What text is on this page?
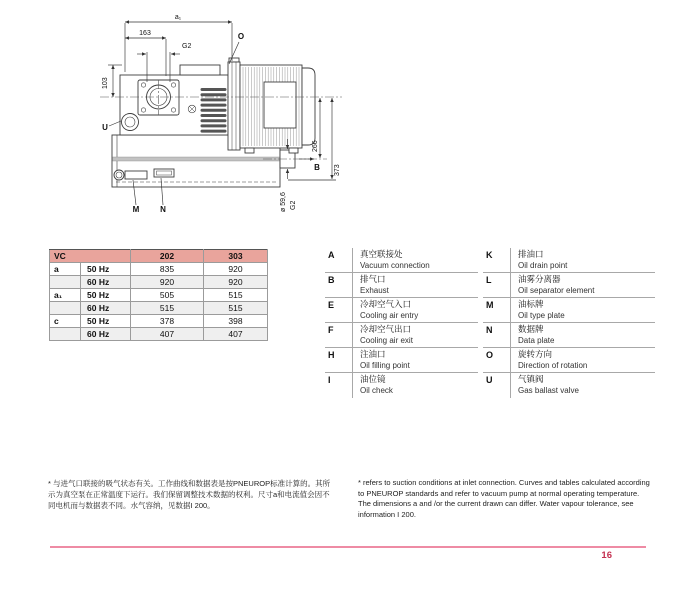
a₁
163
G2
103
266
373
ø 59,6 G2
O
U
B
M	N
VC		202	303
a	50 Hz	835	920
	60 Hz	920	920
a₁	50 Hz	505	515
	60 Hz	515	515
c	50 Hz	378	398
	60 Hz	407	407
A	真空联接处
Vacuum connection
B	排气口
Exhaust
E	冷却空气入口
Cooling air entry
F	冷却空气出口
Cooling air exit
H	注油口
Oil filling point
I	油位镜
Oil check
K	排油口
Oil drain point
L	油雾分离器
Oil separator element
M	油标牌
Oil type plate
N	数据牌
Data plate
O	旋转方向
Direction of rotation
U	气镇阀
Gas ballast valve
* 与进气口联接的吸气状态有关。工作曲线和数据表是按PNEUROP标准计算的。其所示为真空泵在正常温度下运行。我们保留调整技术数据的权利。尺寸a和电流值会因不同电机而与数据表不同。水气容纳，见数据I 200。
* refers to suction conditions at inlet connection. Curves and tables calculated according to PNEUROP standards and refer to vacuum pump at normal operating temperature. The dimensions a and /or the current drawn can differ. Water vapour tolerance, see information I 200.
16
